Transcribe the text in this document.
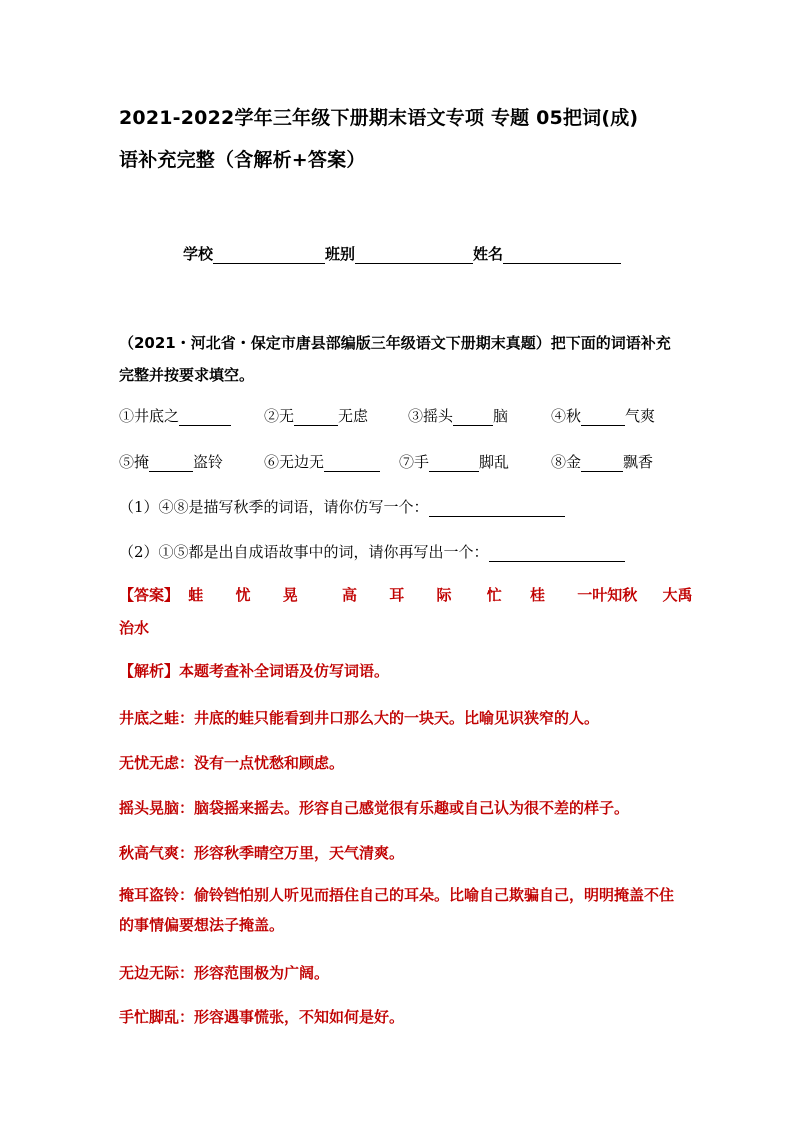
2021-2022学年三年级下册期末语文专项 专题 05把词(成)
语补充完整（含解析+答案）
学校	班别	姓名
（2021・河北省・保定市唐县部编版三年级语文下册期末真题）把下面的词语补充完整并按要求填空。
①井底之	②无	无虑	③摇头	脑	④秋	气爽
⑤掩	盗铃	⑥无边无	⑦手	脚乱	⑧金	飘香
（1）④⑧是描写秋季的词语，请你仿写一个：
（2）①⑤都是出自成语故事中的词，请你再写出一个：
【答案】 蛙 忧 晃	高 耳 际 忙 桂 一叶知秋 大禹
治水
【解析】本题考查补全词语及仿写词语。
井底之蛙：井底的蛙只能看到井口那么大的一块天。比喻见识狭窄的人。
无忧无虑：没有一点忧愁和顾虑。
摇头晃脑：脑袋摇来摇去。形容自己感觉很有乐趣或自己认为很不差的样子。
秋高气爽：形容秋季晴空万里，天气清爽。
掩耳盗铃：偷铃铛怕别人听见而捂住自己的耳朵。比喻自己欺骗自己，明明掩盖不住的事情偏要想法子掩盖。
无边无际：形容范围极为广阔。
手忙脚乱：形容遇事慌张，不知如何是好。
